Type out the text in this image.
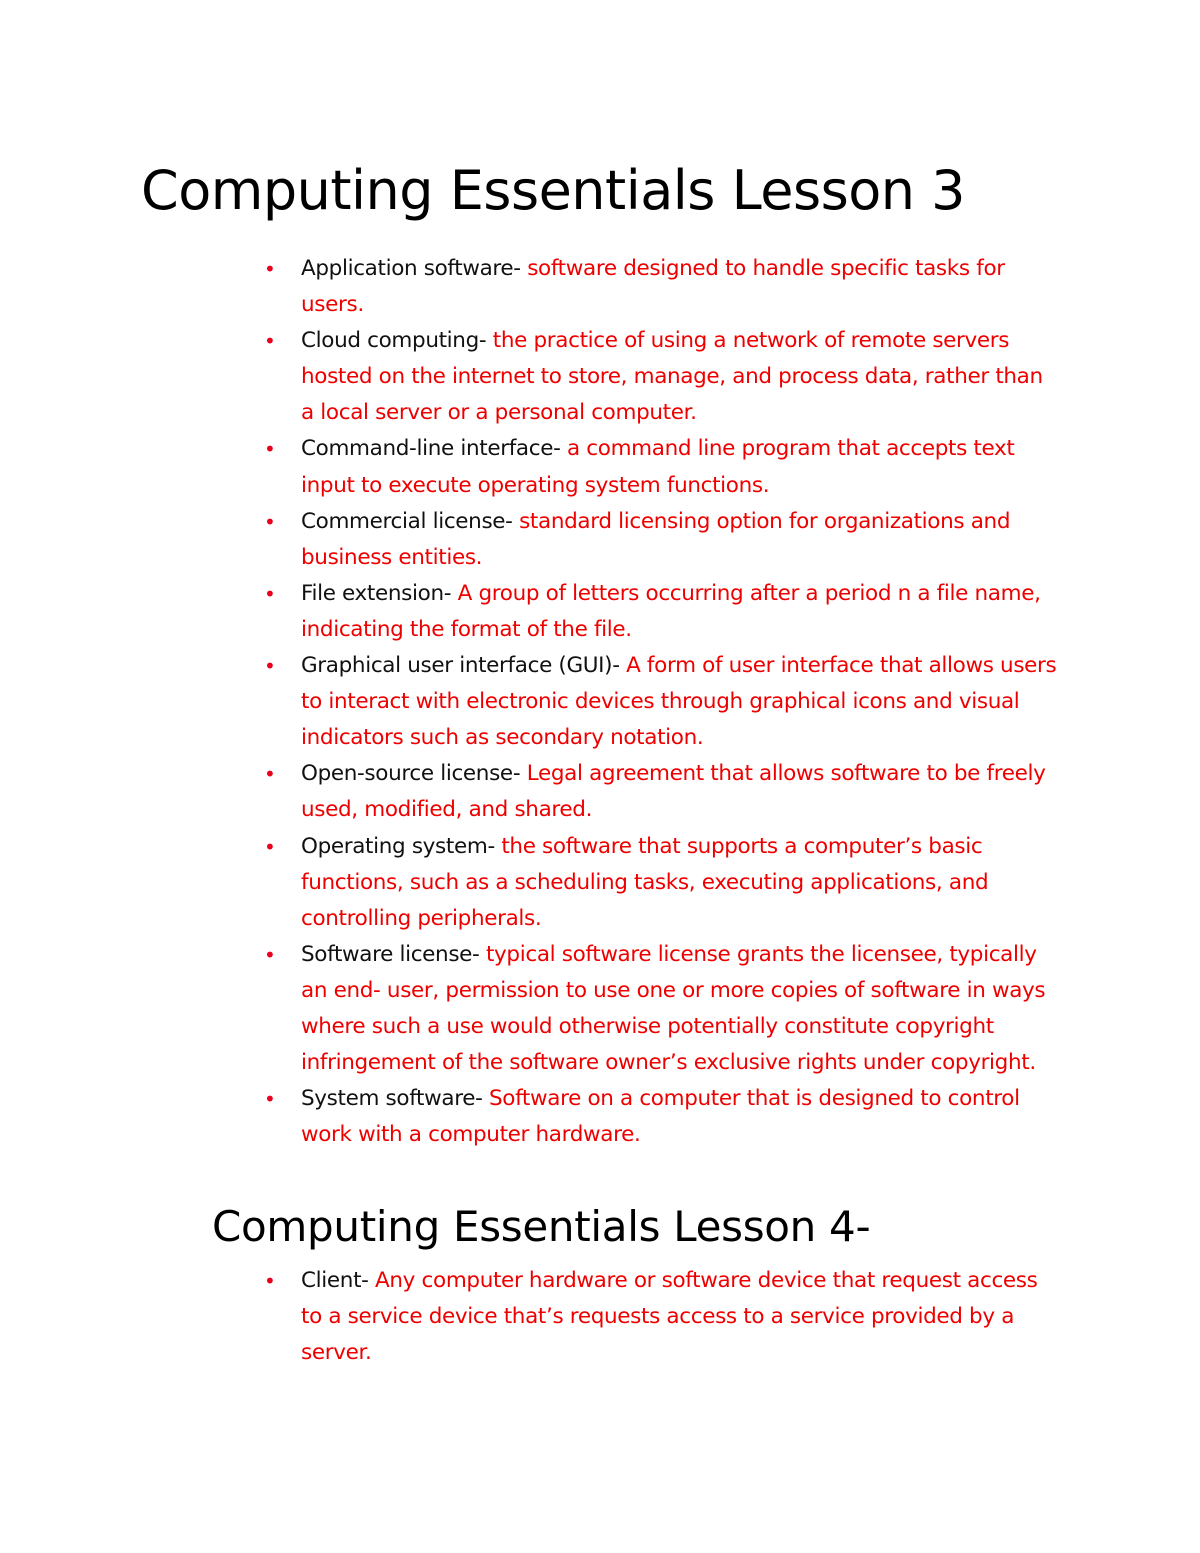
Computing Essentials Lesson 3
• Application software- software designed to handle specific tasks for users.
• Cloud computing- the practice of using a network of remote servers hosted on the internet to store, manage, and process data, rather than a local server or a personal computer.
• Command-line interface- a command line program that accepts text input to execute operating system functions.
• Commercial license- standard licensing option for organizations and business entities.
• File extension- A group of letters occurring after a period n a file name, indicating the format of the file.
• Graphical user interface (GUI)- A form of user interface that allows users to interact with electronic devices through graphical icons and visual indicators such as secondary notation.
• Open-source license- Legal agreement that allows software to be freely used, modified, and shared.
• Operating system- the software that supports a computer’s basic functions, such as a scheduling tasks, executing applications, and controlling peripherals.
• Software license- typical software license grants the licensee, typically an end- user, permission to use one or more copies of software in ways where such a use would otherwise potentially constitute copyright infringement of the software owner’s exclusive rights under copyright.
• System software- Software on a computer that is designed to control work with a computer hardware.
Computing Essentials Lesson 4-
• Client- Any computer hardware or software device that request access to a service device that’s requests access to a service provided by a server.
